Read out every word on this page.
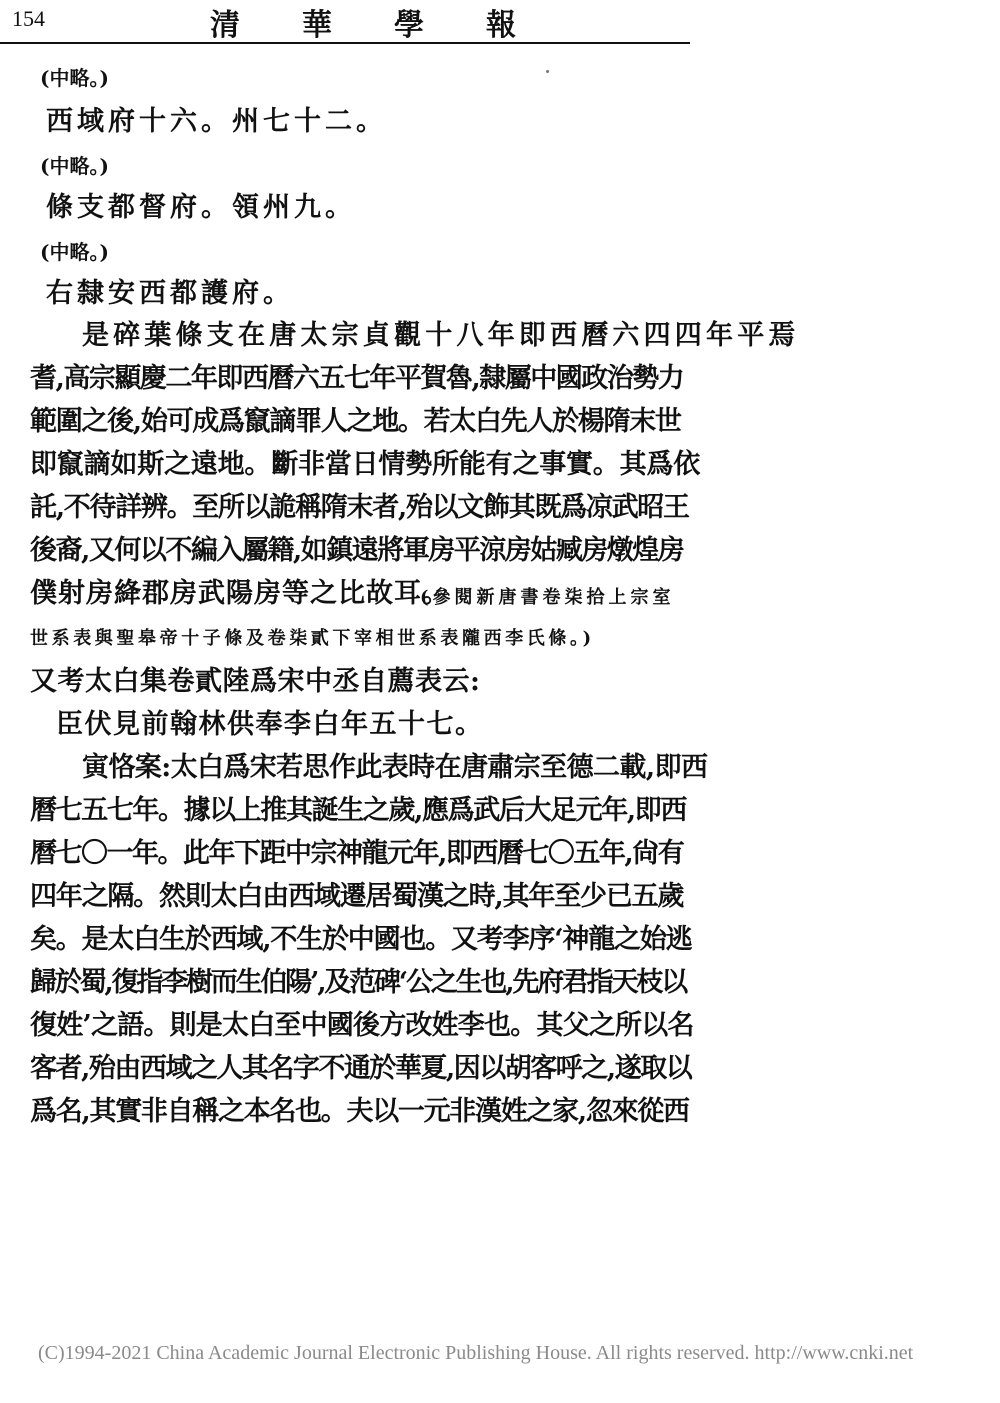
154	清華學報
(中略。)
西域府十六。州七十二。
(中略。)
條支都督府。領州九。
(中略。)
右隸安西都護府。
是碎葉條支在唐太宗貞觀十八年即西曆六四四年平焉
耆,高宗顯慶二年即西曆六五七年平賀魯,隸屬中國政治勢力
範圍之後,始可成爲竄謫罪人之地。若太白先人於楊隋末世
即竄謫如斯之遠地。斷非當日情勢所能有之事實。其爲依
託,不待詳辨。至所以詭稱隋末者,殆以文飾其既爲凉武昭王
後裔,又何以不編入屬籍,如鎮遠將軍房平涼房姑臧房燉煌房
僕射房絳郡房武陽房等之比故耳。
(參閱新唐書卷柒拾上宗室
世系表與聖皋帝十子條及卷柒貳下宰相世系表隴西李氏條。)
又考太白集卷貳陸爲宋中丞自薦表云:
臣伏見前翰林供奉李白年五十七。
寅恪案:太白爲宋若思作此表時在唐肅宗至德二載,即西
曆七五七年。據以上推其誕生之歲,應爲武后大足元年,即西
曆七〇一年。此年下距中宗神龍元年,即西曆七〇五年,尙有
四年之隔。然則太白由西域遷居蜀漢之時,其年至少已五歲
矣。是太白生於西域,不生於中國也。又考李序‘神龍之始逃
歸於蜀,復指李樹而生伯陽’,及范碑‘公之生也,先府君指天枝以
復姓’之語。則是太白至中國後方改姓李也。其父之所以名
客者,殆由西域之人其名字不通於華夏,因以胡客呼之,遂取以
爲名,其實非自稱之本名也。夫以一元非漢姓之家,忽來從西
(C)1994-2021 China Academic Journal Electronic Publishing House. All rights reserved. http://www.cnki.net
